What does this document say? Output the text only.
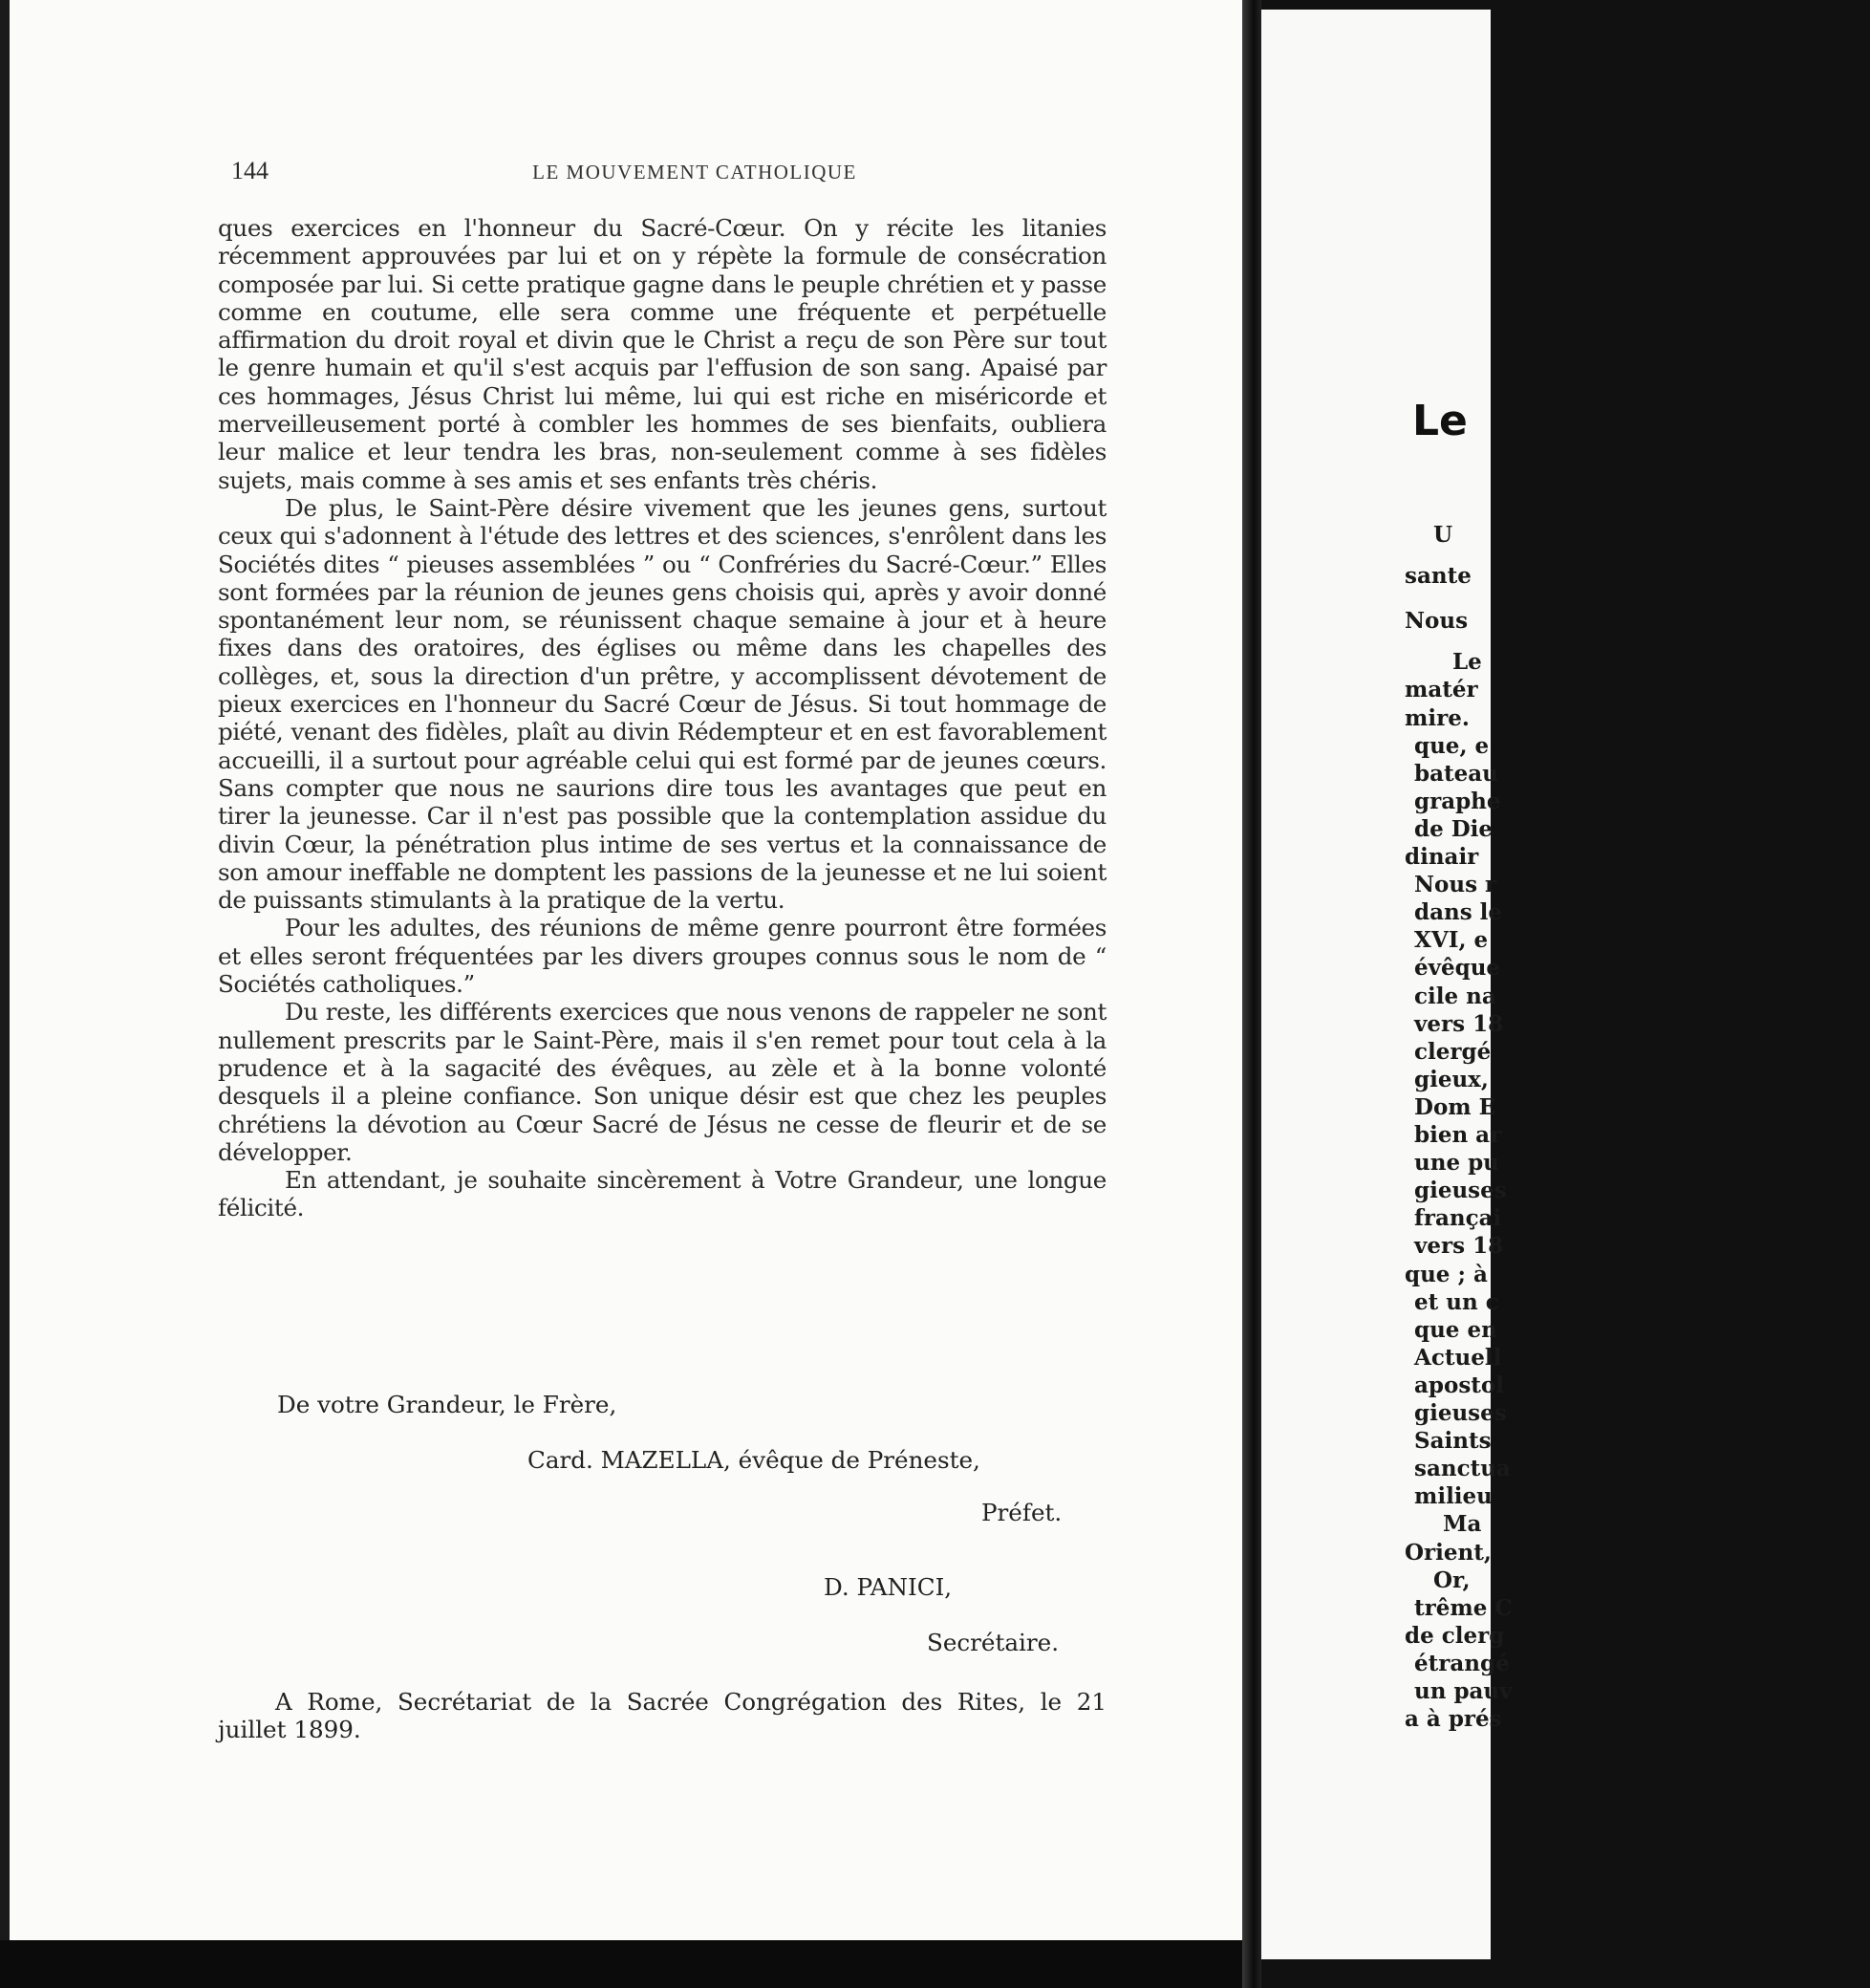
144	LE MOUVEMENT CATHOLIQUE

ques exercices en l'honneur du Sacré-Cœur. On y récite les litanies récemment approuvées par lui et on y répète la formule de consécration composée par lui. Si cette pratique gagne dans le peuple chrétien et y passe comme en coutume, elle sera comme une fréquente et perpétuelle affirmation du droit royal et divin que le Christ a reçu de son Père sur tout le genre humain et qu'il s'est acquis par l'effusion de son sang. Apaisé par ces hommages, Jésus Christ lui même, lui qui est riche en miséricorde et merveilleusement porté à combler les hommes de ses bienfaits, oubliera leur malice et leur tendra les bras, non-seulement comme à ses fidèles sujets, mais comme à ses amis et ses enfants très chéris.

De plus, le Saint-Père désire vivement que les jeunes gens, surtout ceux qui s'adonnent à l'étude des lettres et des sciences, s'enrôlent dans les Sociétés dites “ pieuses assemblées ” ou “ Confréries du Sacré-Cœur.” Elles sont formées par la réunion de jeunes gens choisis qui, après y avoir donné spontanément leur nom, se réunissent chaque semaine à jour et à heure fixes dans des oratoires, des églises ou même dans les chapelles des collèges, et, sous la direction d'un prêtre, y accomplissent dévotement de pieux exercices en l'honneur du Sacré Cœur de Jésus. Si tout hommage de piété, venant des fidèles, plaît au divin Rédempteur et en est favorablement accueilli, il a surtout pour agréable celui qui est formé par de jeunes cœurs. Sans compter que nous ne saurions dire tous les avantages que peut en tirer la jeunesse. Car il n'est pas possible que la contemplation assidue du divin Cœur, la pénétration plus intime de ses vertus et la connaissance de son amour ineffable ne domptent les passions de la jeunesse et ne lui soient de puissants stimulants à la pratique de la vertu.

Pour les adultes, des réunions de même genre pourront être formées et elles seront fréquentées par les divers groupes connus sous le nom de “ Sociétés catholiques.”

Du reste, les différents exercices que nous venons de rappeler ne sont nullement prescrits par le Saint-Père, mais il s'en remet pour tout cela à la prudence et à la sagacité des évêques, au zèle et à la bonne volonté desquels il a pleine confiance. Son unique désir est que chez les peuples chrétiens la dévotion au Cœur Sacré de Jésus ne cesse de fleurir et de se développer.

En attendant, je souhaite sincèrement à Votre Grandeur, une longue félicité.

De votre Grandeur, le Frère,
Card. MAZELLA, évêque de Préneste,
Préfet.
D. PANICI,
Secrétaire.
A Rome, Secrétariat de la Sacrée Congrégation des Rites, le 21 juillet 1899.
Le
U
sante
Nous
Le
matér
mire.
que, e
bateau
graphe
de Die
dinair
Nous r
dans le
XVI, e
évêque
cile na
vers 18
clergé
gieux,
Dom E
bien ar
une pu
gieuses
françai
vers 18
que ; à
et un c
que en
Actuell
apostol
gieuses
Saints
sanctua
milieu
Ma
Orient,
Or,
trême C
de clerg
étrangé
un pauv
a à prés
